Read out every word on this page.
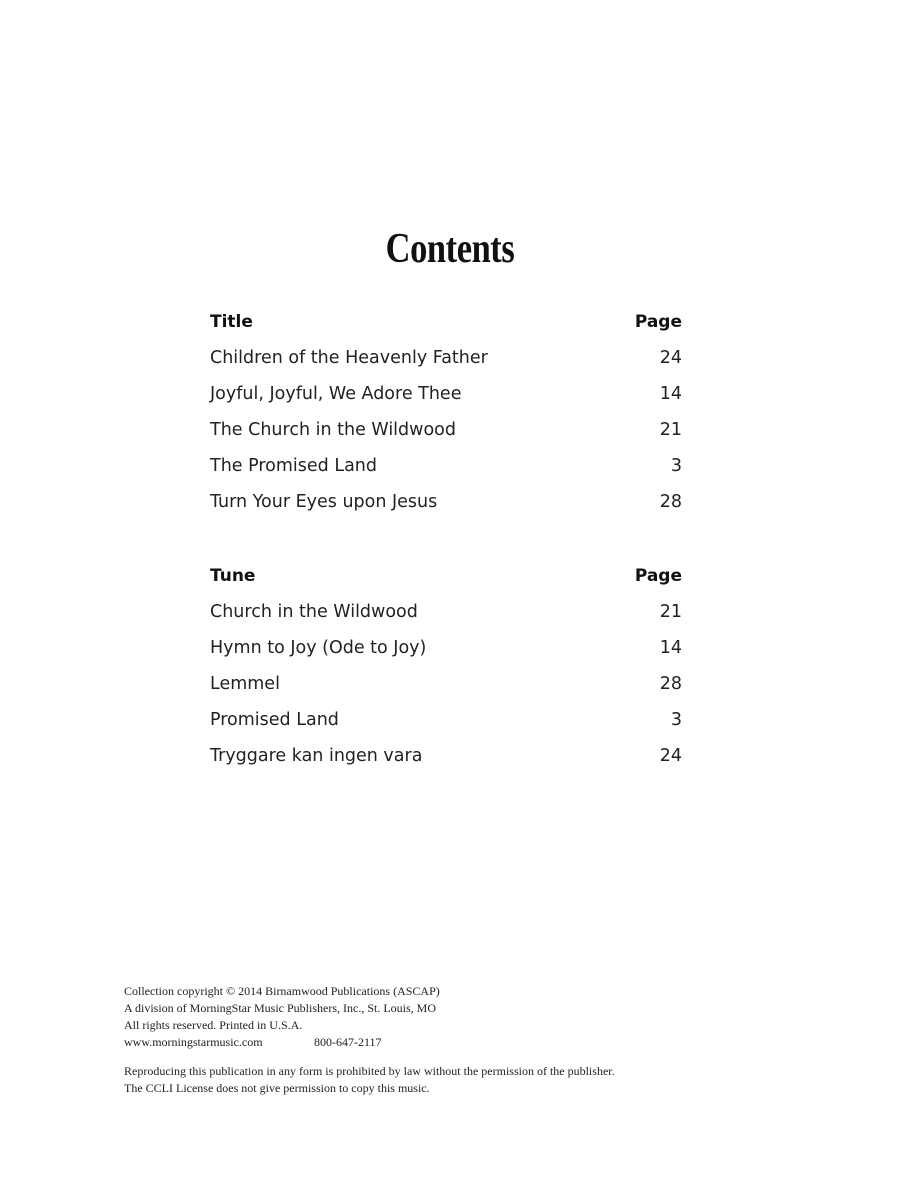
Contents
Title	Page
Children of the Heavenly Father	24
Joyful, Joyful, We Adore Thee	14
The Church in the Wildwood	21
The Promised Land	3
Turn Your Eyes upon Jesus	28
Tune	Page
Church in the Wildwood	21
Hymn to Joy (Ode to Joy)	14
Lemmel	28
Promised Land	3
Tryggare kan ingen vara	24
Collection copyright © 2014 Birnamwood Publications (ASCAP)
A division of MorningStar Music Publishers, Inc., St. Louis, MO
All rights reserved. Printed in U.S.A.
www.morningstarmusic.com	800-647-2117
Reproducing this publication in any form is prohibited by law without the permission of the publisher.
The CCLI License does not give permission to copy this music.
